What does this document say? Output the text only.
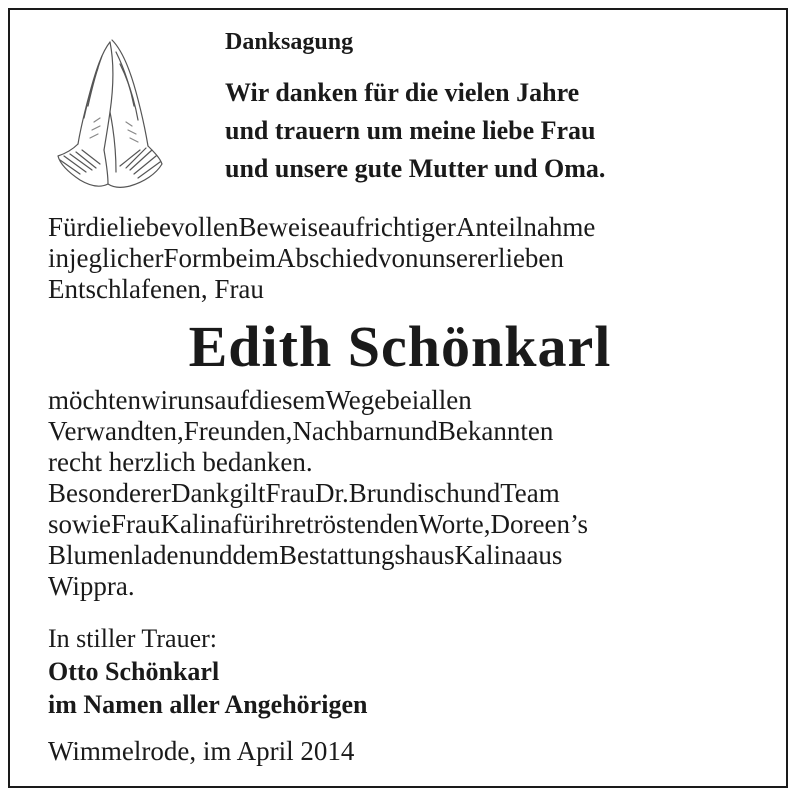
Danksagung
Wir danken für die vielen Jahre
und trauern um meine liebe Frau
und unsere gute Mutter und Oma.
FürdieliebevollenBeweiseaufrichtigerAnteilnahme
injeglicherFormbeimAbschiedvonunsererlieben
Entschlafenen, Frau
Edith Schönkarl
möchtenwirunsaufdiesemWegebeiallen
Verwandten,Freunden,NachbarnundBekannten
recht herzlich bedanken.
BesondererDankgiltFrauDr.BrundischundTeam
sowieFrauKalinafürihretröstendenWorte,Doreen’s
BlumenladenunddemBestattungshausKalinaaus
Wippra.
In stiller Trauer:
Otto Schönkarl
im Namen aller Angehörigen
Wimmelrode, im April 2014
